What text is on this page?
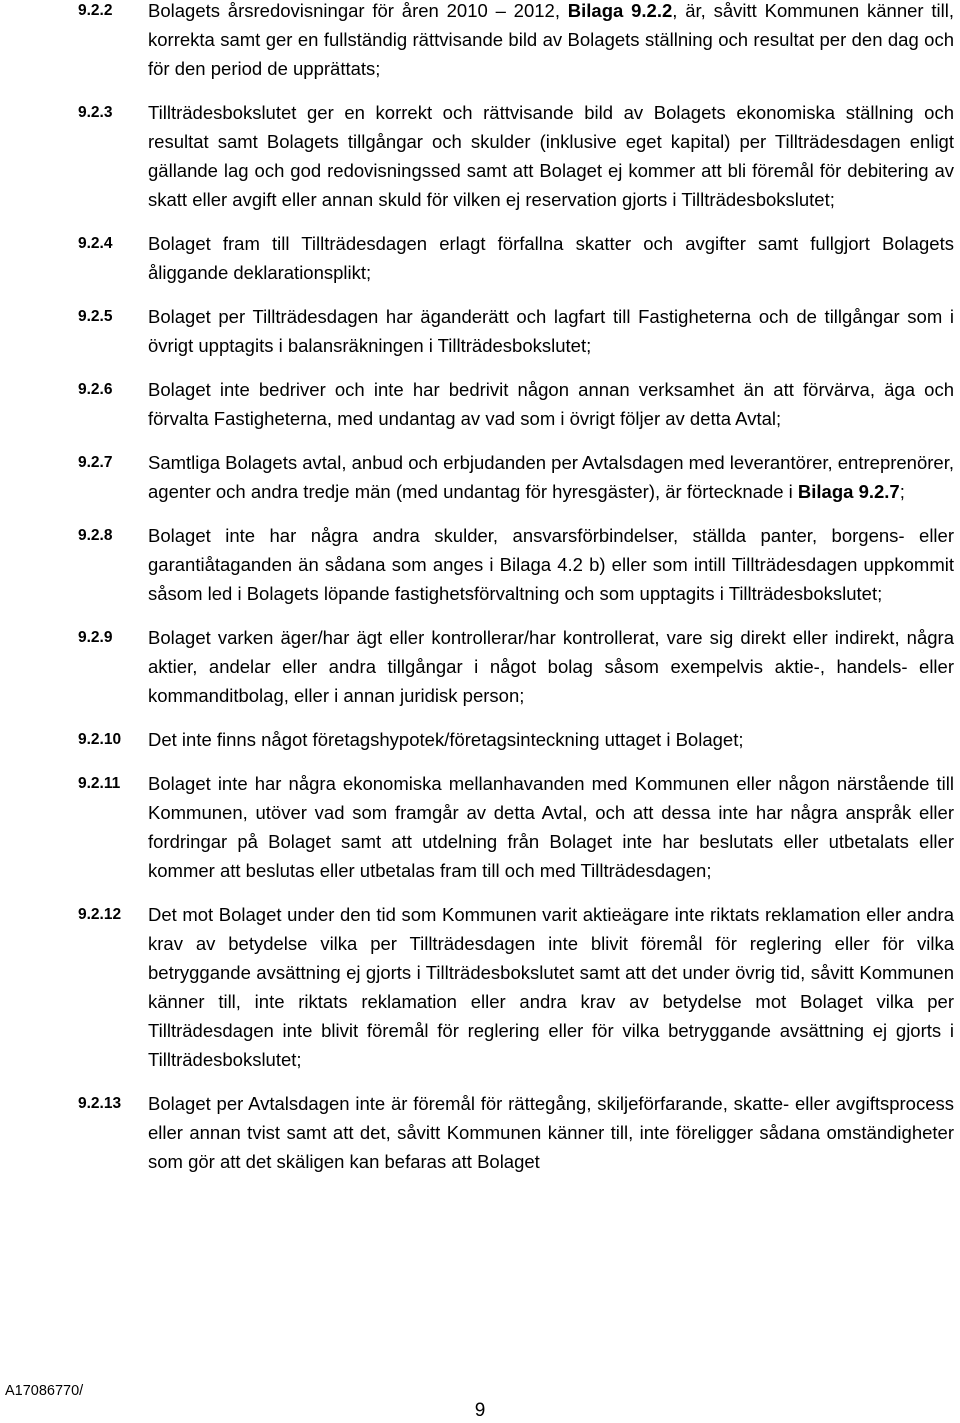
9.2.2	Bolagets årsredovisningar för åren 2010 – 2012, Bilaga 9.2.2, är, såvitt Kommunen känner till, korrekta samt ger en fullständig rättvisande bild av Bolagets ställning och resultat per den dag och för den period de upprättats;
9.2.3	Tillträdesbokslutet ger en korrekt och rättvisande bild av Bolagets ekonomiska ställning och resultat samt Bolagets tillgångar och skulder (inklusive eget kapital) per Tillträdesdagen enligt gällande lag och god redovisningssed samt att Bolaget ej kommer att bli föremål för debitering av skatt eller avgift eller annan skuld för vilken ej reservation gjorts i Tillträdesbokslutet;
9.2.4	Bolaget fram till Tillträdesdagen erlagt förfallna skatter och avgifter samt fullgjort Bolagets åliggande deklarationsplikt;
9.2.5	Bolaget per Tillträdesdagen har äganderätt och lagfart till Fastigheterna och de tillgångar som i övrigt upptagits i balansräkningen i Tillträdesbokslutet;
9.2.6	Bolaget inte bedriver och inte har bedrivit någon annan verksamhet än att förvärva, äga och förvalta Fastigheterna, med undantag av vad som i övrigt följer av detta Avtal;
9.2.7	Samtliga Bolagets avtal, anbud och erbjudanden per Avtalsdagen med leverantörer, entreprenörer, agenter och andra tredje män (med undantag för hyresgäster), är förtecknade i Bilaga 9.2.7;
9.2.8	Bolaget inte har några andra skulder, ansvarsförbindelser, ställda panter, borgens- eller garantiåtaganden än sådana som anges i Bilaga 4.2 b) eller som intill Tillträdesdagen uppkommit såsom led i Bolagets löpande fastighetsförvaltning och som upptagits i Tillträdesbokslutet;
9.2.9	Bolaget varken äger/har ägt eller kontrollerar/har kontrollerat, vare sig direkt eller indirekt, några aktier, andelar eller andra tillgångar i något bolag såsom exempelvis aktie-, handels- eller kommanditbolag, eller i annan juridisk person;
9.2.10	Det inte finns något företagshypotek/företagsinteckning uttaget i Bolaget;
9.2.11	Bolaget inte har några ekonomiska mellanhavanden med Kommunen eller någon närstående till Kommunen, utöver vad som framgår av detta Avtal, och att dessa inte har några anspråk eller fordringar på Bolaget samt att utdelning från Bolaget inte har beslutats eller utbetalats eller kommer att beslutas eller utbetalas fram till och med Tillträdesdagen;
9.2.12	Det mot Bolaget under den tid som Kommunen varit aktieägare inte riktats reklamation eller andra krav av betydelse vilka per Tillträdesdagen inte blivit föremål för reglering eller för vilka betryggande avsättning ej gjorts i Tillträdesbokslutet samt att det under övrig tid, såvitt Kommunen känner till, inte riktats reklamation eller andra krav av betydelse mot Bolaget vilka per Tillträdesdagen inte blivit föremål för reglering eller för vilka betryggande avsättning ej gjorts i Tillträdesbokslutet;
9.2.13	Bolaget per Avtalsdagen inte är föremål för rättegång, skiljeförfarande, skatte- eller avgiftsprocess eller annan tvist samt att det, såvitt Kommunen känner till, inte föreligger sådana omständigheter som gör att det skäligen kan befaras att Bolaget
A17086770/
9
